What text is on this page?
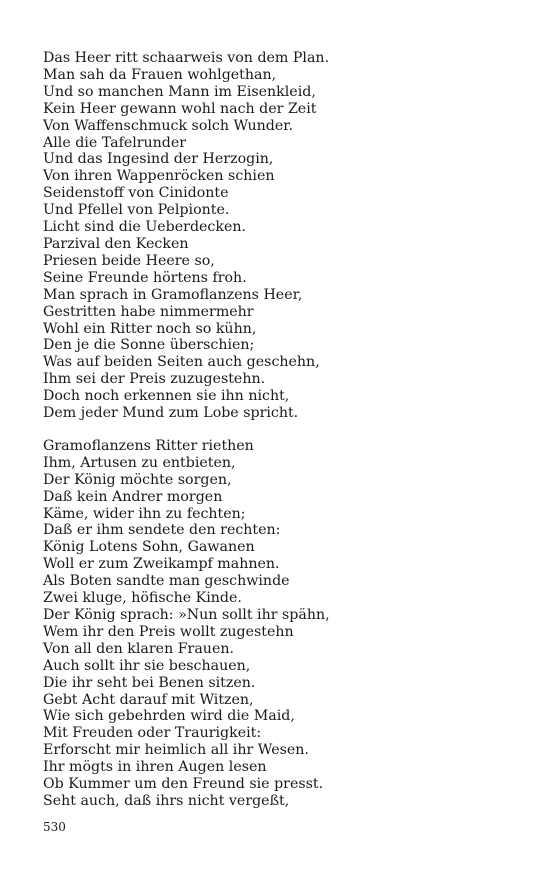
Das Heer ritt schaarweis von dem Plan.
Man sah da Frauen wohlgethan,
Und so manchen Mann im Eisenkleid,
Kein Heer gewann wohl nach der Zeit
Von Waffenschmuck solch Wunder.
Alle die Tafelrunder
Und das Ingesind der Herzogin,
Von ihren Wappenröcken schien
Seidenstoff von Cinidonte
Und Pfellel von Pelpionte.
Licht sind die Ueberdecken.
Parzival den Kecken
Priesen beide Heere so,
Seine Freunde hörtens froh.
Man sprach in Gramoflanzens Heer,
Gestritten habe nimmermehr
Wohl ein Ritter noch so kühn,
Den je die Sonne überschien;
Was auf beiden Seiten auch geschehn,
Ihm sei der Preis zuzugestehn.
Doch noch erkennen sie ihn nicht,
Dem jeder Mund zum Lobe spricht.
Gramoflanzens Ritter riethen
Ihm, Artusen zu entbieten,
Der König möchte sorgen,
Daß kein Andrer morgen
Käme, wider ihn zu fechten;
Daß er ihm sendete den rechten:
König Lotens Sohn, Gawanen
Woll er zum Zweikampf mahnen.
Als Boten sandte man geschwinde
Zwei kluge, höfische Kinde.
Der König sprach: »Nun sollt ihr spähn,
Wem ihr den Preis wollt zugestehn
Von all den klaren Frauen.
Auch sollt ihr sie beschauen,
Die ihr seht bei Benen sitzen.
Gebt Acht darauf mit Witzen,
Wie sich gebehrden wird die Maid,
Mit Freuden oder Traurigkeit:
Erforscht mir heimlich all ihr Wesen.
Ihr mögts in ihren Augen lesen
Ob Kummer um den Freund sie presst.
Seht auch, daß ihrs nicht vergeßt,
530
